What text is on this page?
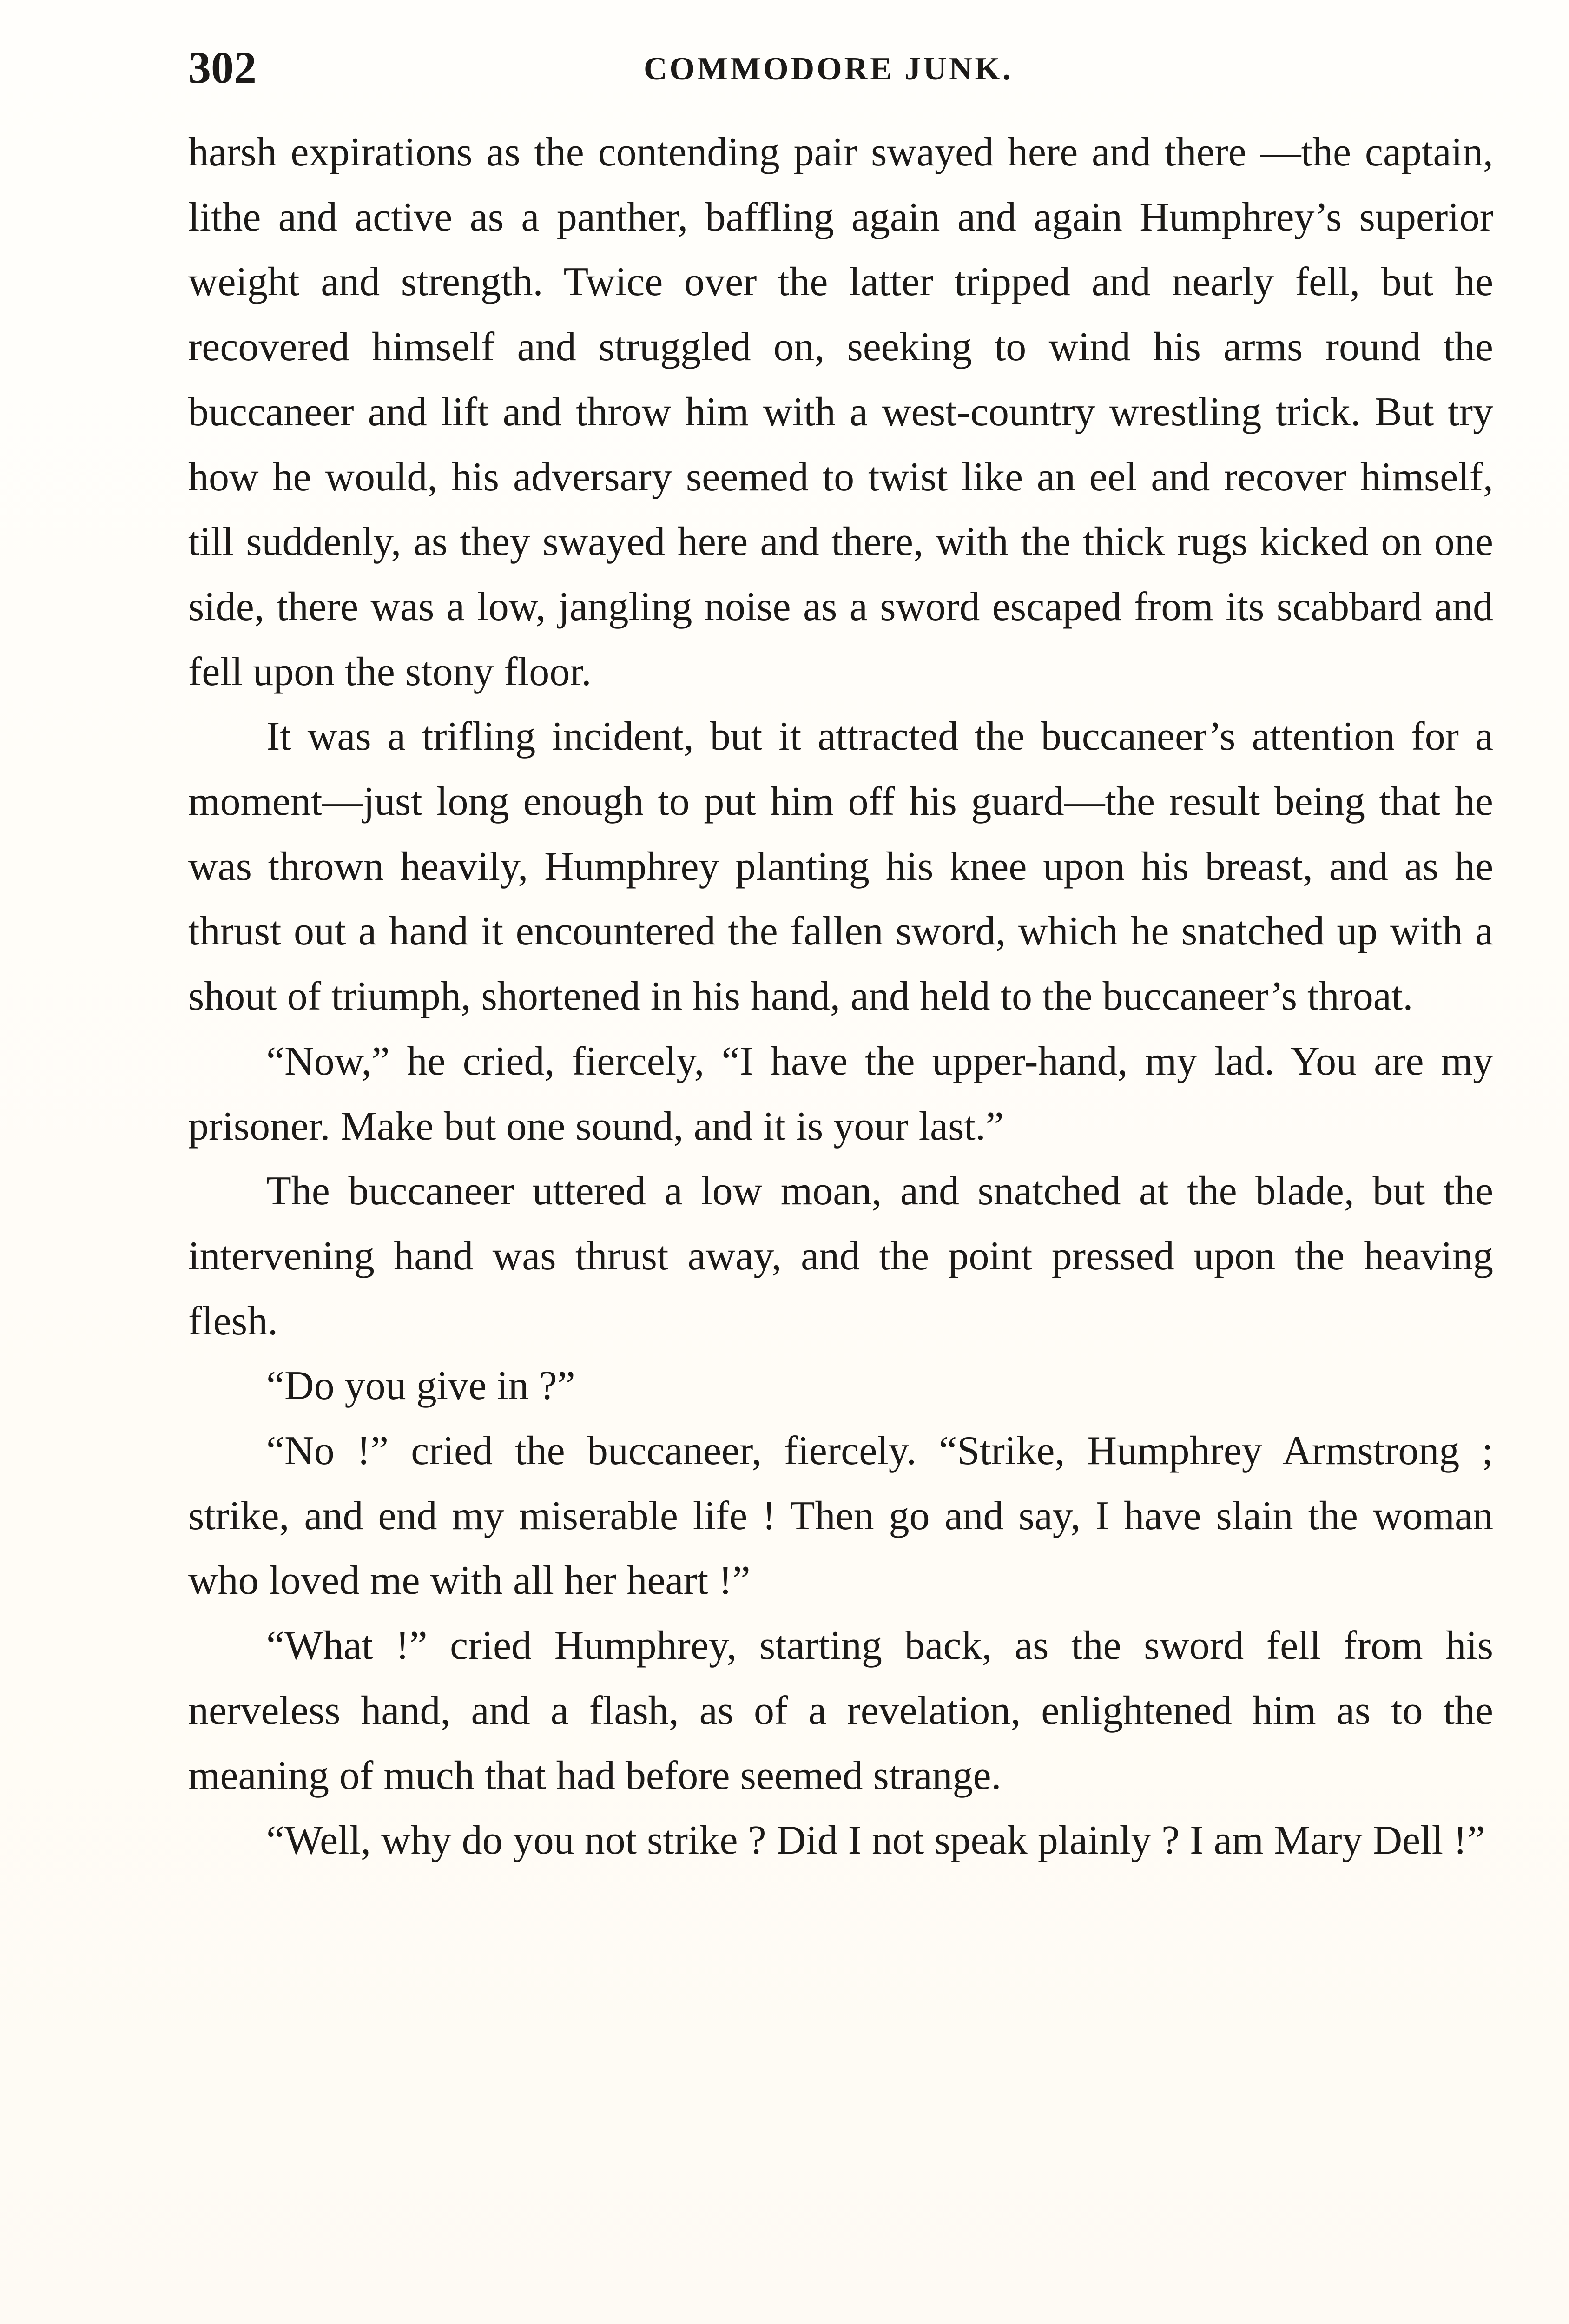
302	COMMODORE JUNK.

harsh expirations as the contending pair swayed here and there —the captain, lithe and active as a panther, baffling again and again Humphrey’s superior weight and strength. Twice over the latter tripped and nearly fell, but he recovered himself and struggled on, seeking to wind his arms round the buccaneer and lift and throw him with a west-country wrestling trick. But try how he would, his adversary seemed to twist like an eel and recover himself, till suddenly, as they swayed here and there, with the thick rugs kicked on one side, there was a low, jangling noise as a sword escaped from its scabbard and fell upon the stony floor.

It was a trifling incident, but it attracted the buccaneer’s attention for a moment—just long enough to put him off his guard—the result being that he was thrown heavily, Humphrey planting his knee upon his breast, and as he thrust out a hand it encountered the fallen sword, which he snatched up with a shout of triumph, shortened in his hand, and held to the buccaneer’s throat.

“Now,” he cried, fiercely, “I have the upper-hand, my lad. You are my prisoner. Make but one sound, and it is your last.”

The buccaneer uttered a low moan, and snatched at the blade, but the intervening hand was thrust away, and the point pressed upon the heaving flesh.

“Do you give in ?”

“No !” cried the buccaneer, fiercely. “Strike, Humphrey Armstrong ; strike, and end my miserable life ! Then go and say, I have slain the woman who loved me with all her heart !”

“What !” cried Humphrey, starting back, as the sword fell from his nerveless hand, and a flash, as of a revelation, enlightened him as to the meaning of much that had before seemed strange.

“Well, why do you not strike ? Did I not speak plainly ? I am Mary Dell !”
